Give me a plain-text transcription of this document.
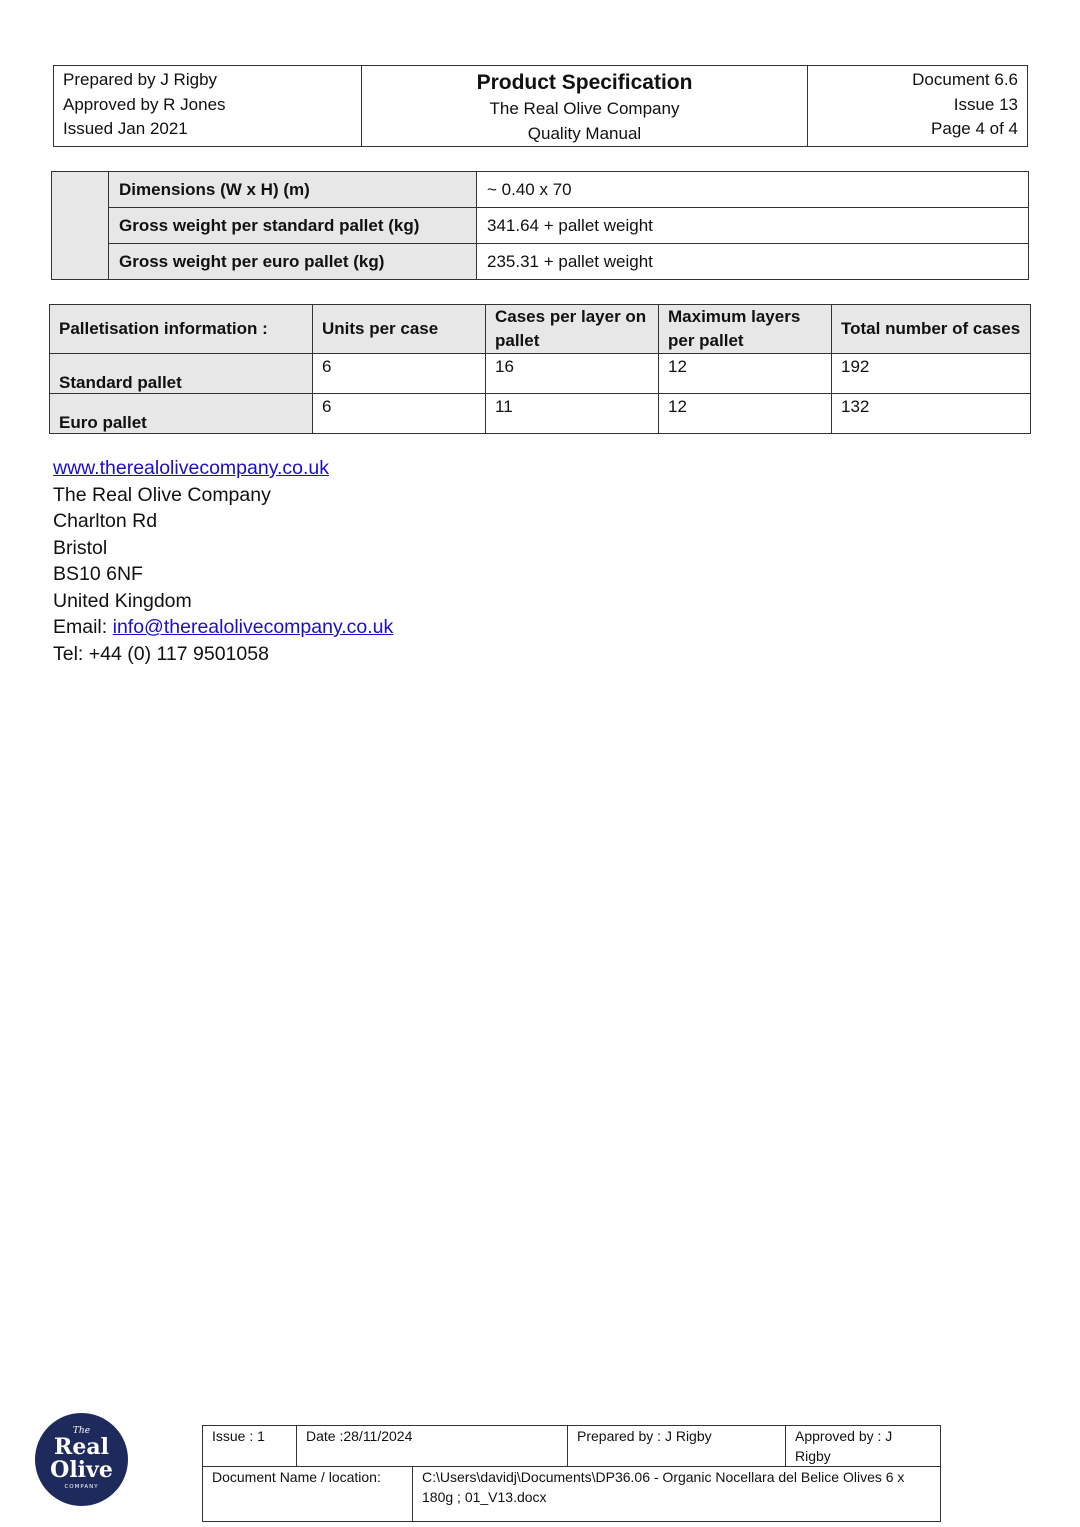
Prepared by J Rigby
Approved by R Jones
Issued Jan 2021

Product Specification
The Real Olive Company
Quality Manual

Document 6.6
Issue 13
Page 4 of 4
	Dimensions (W x H) (m)	~ 0.40 x 70
	Gross weight per standard pallet (kg)	341.64 + pallet weight
	Gross weight per euro pallet (kg)	235.31 + pallet weight
Palletisation information :	Units per case	Cases per layer on pallet	Maximum layers per pallet	Total number of cases
Standard pallet	6	16	12	192
Euro pallet	6	11	12	132
www.therealolivecompany.co.uk
The Real Olive Company
Charlton Rd
Bristol
BS10 6NF
United Kingdom
Email: info@therealolivecompany.co.uk
Tel: +44 (0) 117 9501058
The
Real
Olive
COMPANY
Issue : 1	Date :28/11/2024		Prepared by : J Rigby	Approved by : J Rigby
Document Name / location:		C:\Users\davidj\Documents\DP36.06 - Organic Nocellara del Belice Olives 6 x 180g ; 01_V13.docx		
